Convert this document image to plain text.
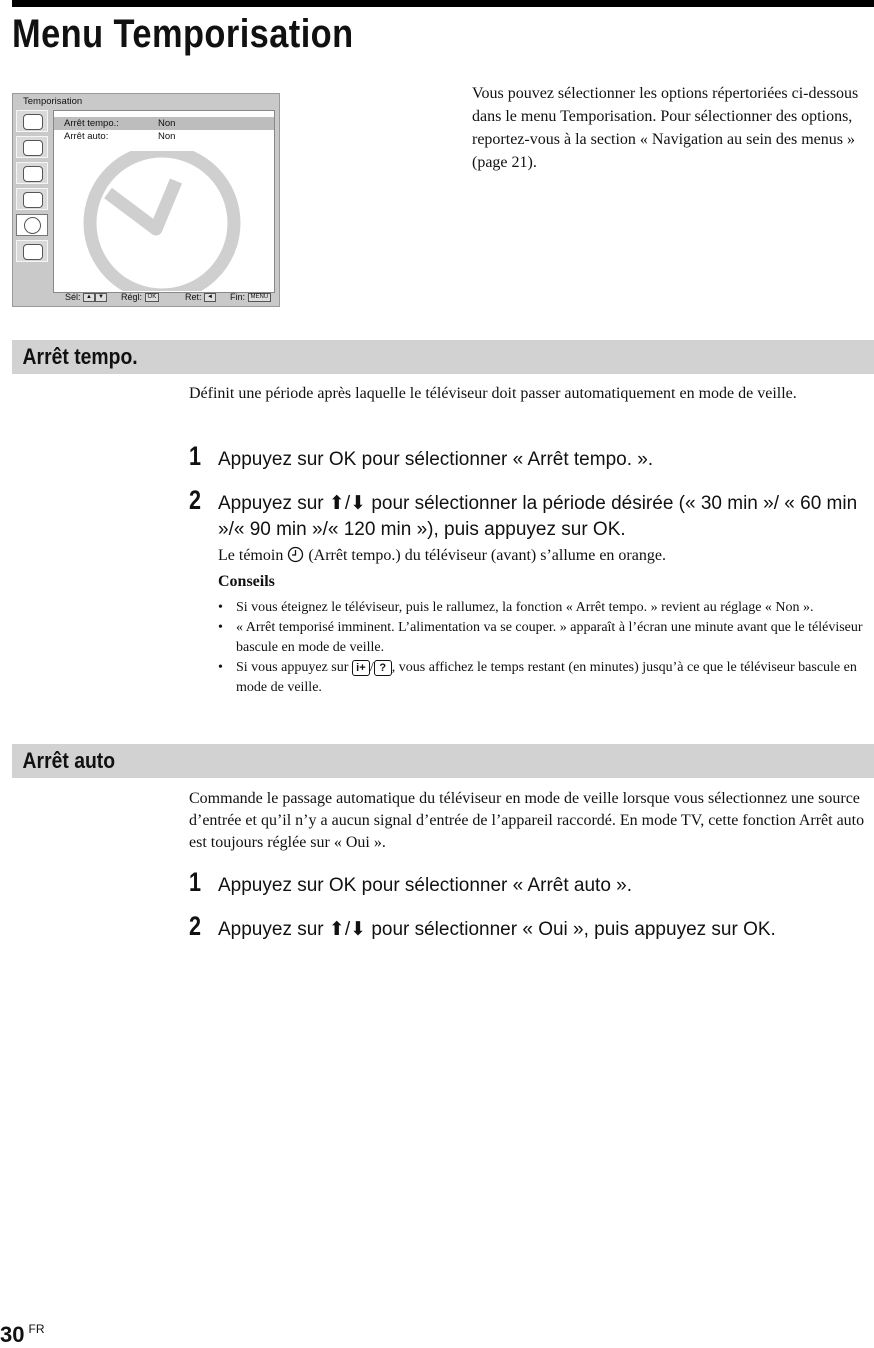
Menu Temporisation
Temporisation
Arrêt tempo.:	Non
Arrêt auto:	Non
Sél: ▲ ▼	Régl: OK	Ret: ◄	Fin: MENU
Vous pouvez sélectionner les options répertoriées ci-dessous dans le menu Temporisation. Pour sélectionner des options, reportez-vous à la section « Navigation au sein des menus » (page 21).
Arrêt tempo.
Définit une période après laquelle le téléviseur doit passer automatiquement en mode de veille.
1 Appuyez sur OK pour sélectionner « Arrêt tempo. ».
2 Appuyez sur ⬆/⬇ pour sélectionner la période désirée (« 30 min »/ « 60 min »/« 90 min »/« 120 min »), puis appuyez sur OK.
Le témoin (Arrêt tempo.) du téléviseur (avant) s’allume en orange.
Conseils
• Si vous éteignez le téléviseur, puis le rallumez, la fonction « Arrêt tempo. » revient au réglage « Non ».
• « Arrêt temporisé imminent. L’alimentation va se couper. » apparaît à l’écran une minute avant que le téléviseur bascule en mode de veille.
• Si vous appuyez sur i+ / ? , vous affichez le temps restant (en minutes) jusqu’à ce que le téléviseur bascule en mode de veille.
Arrêt auto
Commande le passage automatique du téléviseur en mode de veille lorsque vous sélectionnez une source d’entrée et qu’il n’y a aucun signal d’entrée de l’appareil raccordé. En mode TV, cette fonction Arrêt auto est toujours réglée sur « Oui ».
1 Appuyez sur OK pour sélectionner « Arrêt auto ».
2 Appuyez sur ⬆/⬇ pour sélectionner « Oui », puis appuyez sur OK.
30 $^{FR}$
